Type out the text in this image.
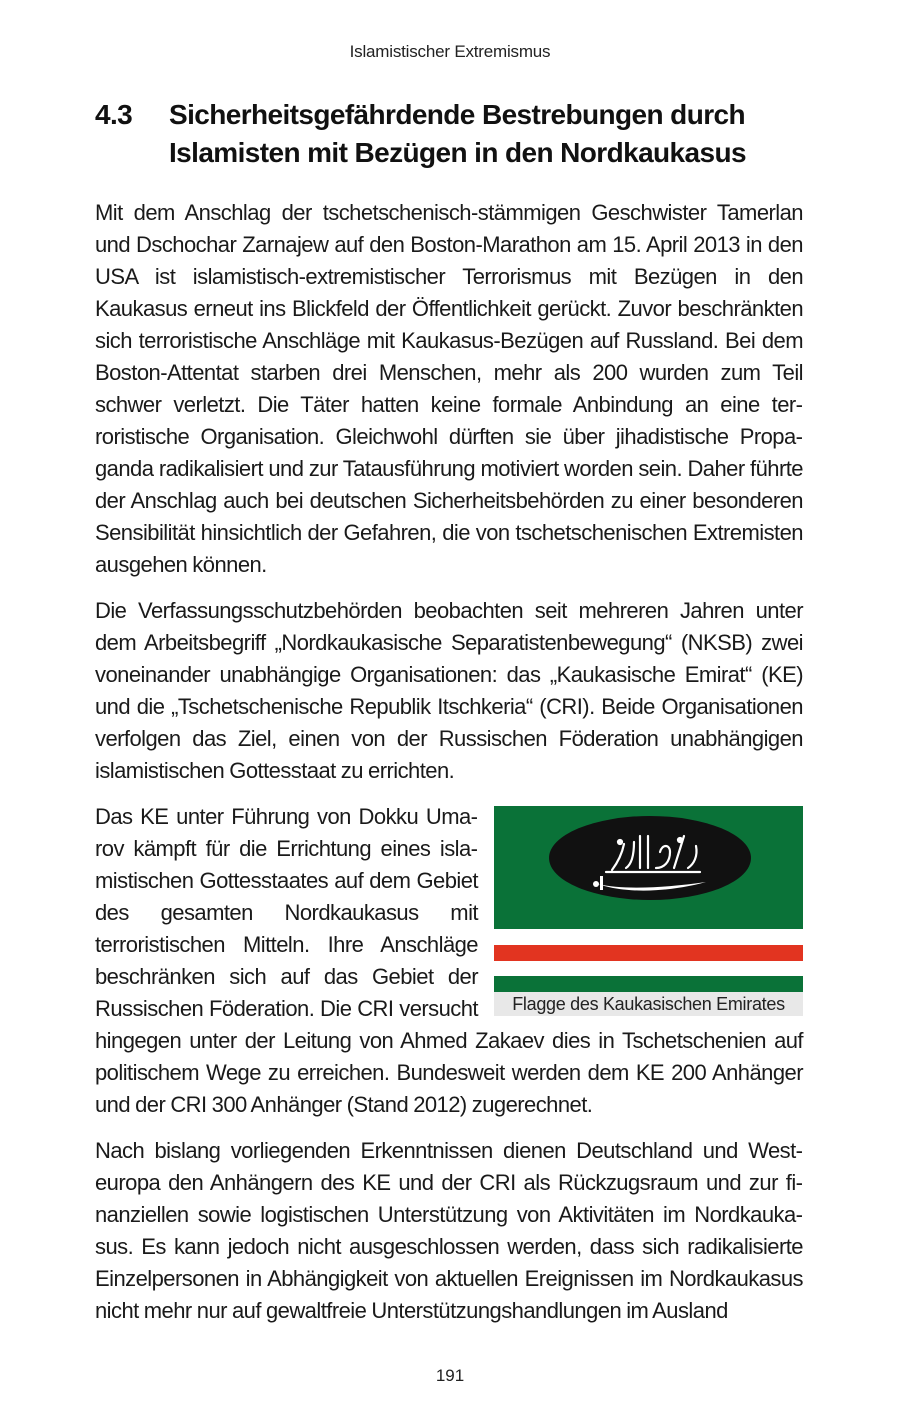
Islamistischer Extremismus
4.3	Sicherheitsgefährdende Bestrebungen durch Islamisten mit Bezügen in den Nordkaukasus

Mit dem Anschlag der tschetschenisch-stämmigen Geschwister Tamerlan und Dschochar Zarnajew auf den Boston-Marathon am 15. April 2013 in den USA ist islamistisch-extremistischer Terrorismus mit Bezügen in den Kaukasus erneut ins Blickfeld der Öffentlichkeit gerückt. Zuvor beschränkten sich terroristische Anschläge mit Kaukasus-Bezügen auf Russland. Bei dem Boston-Attentat starben drei Menschen, mehr als 200 wurden zum Teil schwer verletzt. Die Täter hatten keine formale Anbindung an eine terroristische Organisation. Gleichwohl dürften sie über jihadistische Propaganda radikalisiert und zur Tatausführung motiviert worden sein. Daher führte der Anschlag auch bei deutschen Sicherheitsbehörden zu einer besonderen Sensibilität hinsichtlich der Gefahren, die von tschetschenischen Extremisten ausgehen können.

Die Verfassungsschutzbehörden beobachten seit mehreren Jahren unter dem Arbeitsbegriff „Nordkaukasische Separatistenbewegung“ (NKSB) zwei voneinander unabhängige Organisationen: das „Kaukasische Emirat“ (KE) und die „Tschetschenische Republik Itschkeria“ (CRI). Beide Organisationen verfolgen das Ziel, einen von der Russischen Föderation unabhängigen islamistischen Gottesstaat zu errichten.

Flagge des Kaukasischen Emirates

Das KE unter Führung von Dokku Umarov kämpft für die Errichtung eines islamistischen Gottesstaates auf dem Gebiet des gesamten Nordkaukasus mit terroristischen Mitteln. Ihre Anschläge beschränken sich auf das Gebiet der Russischen Föderation. Die CRI versucht hingegen unter der Leitung von Ahmed Zakaev dies in Tschetschenien auf politischem Wege zu erreichen. Bundesweit werden dem KE 200 Anhänger und der CRI 300 Anhänger (Stand 2012) zugerechnet.

Nach bislang vorliegenden Erkenntnissen dienen Deutschland und Westeuropa den Anhängern des KE und der CRI als Rückzugsraum und zur finanziellen sowie logistischen Unterstützung von Aktivitäten im Nordkaukasus. Es kann jedoch nicht ausgeschlossen werden, dass sich radikalisierte Einzelpersonen in Abhängigkeit von aktuellen Ereignissen im Nordkaukasus nicht mehr nur auf gewaltfreie Unterstützungshandlungen im Ausland

191
